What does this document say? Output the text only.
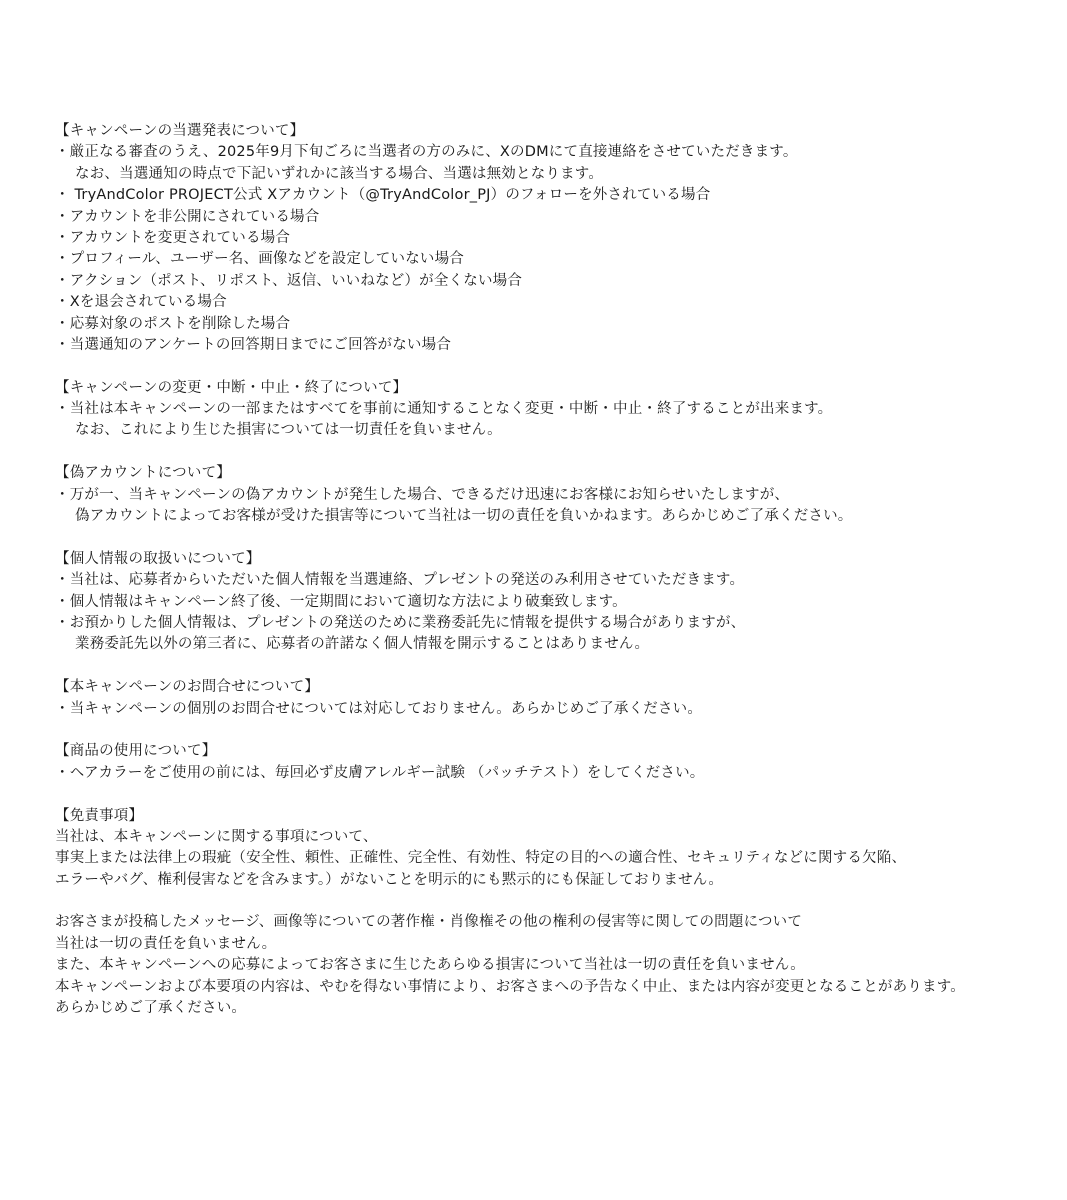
【キャンペーンの当選発表について】
・厳正なる審査のうえ、2025年9月下旬ごろに当選者の方のみに、XのDMにて直接連絡をさせていただきます。
なお、当選通知の時点で下記いずれかに該当する場合、当選は無効となります。
・ TryAndColor PROJECT公式 Xアカウント（@TryAndColor_PJ）のフォローを外されている場合
・アカウントを非公開にされている場合
・アカウントを変更されている場合
・プロフィール、ユーザー名、画像などを設定していない場合
・アクション（ポスト、リポスト、返信、いいねなど）が全くない場合
・Xを退会されている場合
・応募対象のポストを削除した場合
・当選通知のアンケートの回答期日までにご回答がない場合
【キャンペーンの変更・中断・中止・終了について】
・当社は本キャンペーンの一部またはすべてを事前に通知することなく変更・中断・中止・終了することが出来ます。
なお、これにより生じた損害については一切責任を負いません。
【偽アカウントについて】
・万が一、当キャンペーンの偽アカウントが発生した場合、できるだけ迅速にお客様にお知らせいたしますが、
偽アカウントによってお客様が受けた損害等について当社は一切の責任を負いかねます。あらかじめご了承ください。
【個人情報の取扱いについて】
・当社は、応募者からいただいた個人情報を当選連絡、プレゼントの発送のみ利用させていただきます。
・個人情報はキャンペーン終了後、一定期間において適切な方法により破棄致します。
・お預かりした個人情報は、プレゼントの発送のために業務委託先に情報を提供する場合がありますが、
業務委託先以外の第三者に、応募者の許諾なく個人情報を開示することはありません。
【本キャンペーンのお問合せについて】
・当キャンペーンの個別のお問合せについては対応しておりません。あらかじめご了承ください。
【商品の使用について】
・ヘアカラーをご使用の前には、毎回必ず皮膚アレルギー試験 （パッチテスト）をしてください。
【免責事項】
当社は、本キャンペーンに関する事項について、
事実上または法律上の瑕疵（安全性、頼性、正確性、完全性、有効性、特定の目的への適合性、セキュリティなどに関する欠陥、
エラーやバグ、権利侵害などを含みます。）がないことを明示的にも黙示的にも保証しておりません。
お客さまが投稿したメッセージ、画像等についての著作権・肖像権その他の権利の侵害等に関しての問題について
当社は一切の責任を負いません。
また、本キャンペーンへの応募によってお客さまに生じたあらゆる損害について当社は一切の責任を負いません。
本キャンペーンおよび本要項の内容は、やむを得ない事情により、お客さまへの予告なく中止、または内容が変更となることがあります。
あらかじめご了承ください。
